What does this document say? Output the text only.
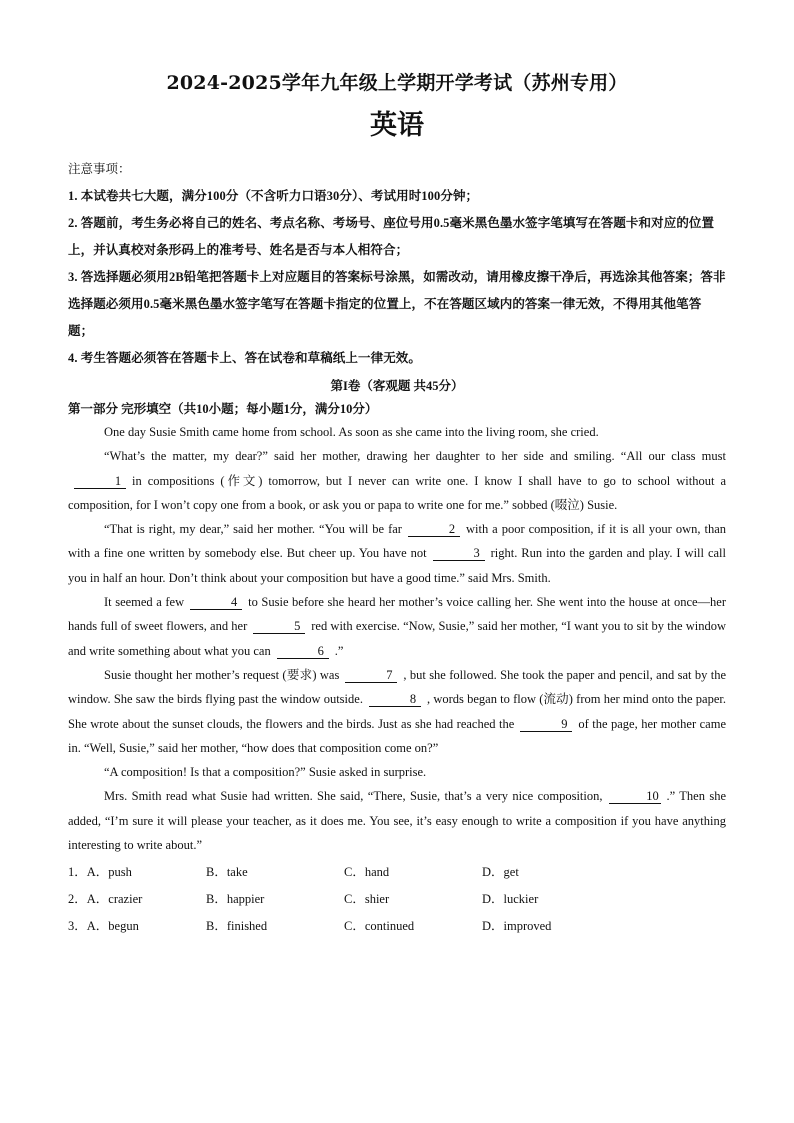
2024-2025学年九年级上学期开学考试（苏州专用）
英语
注意事项：
1. 本试卷共七大题，满分100分（不含听力口语30分）、考试用时100分钟；
2. 答题前，考生务必将自己的姓名、考点名称、考场号、座位号用0.5毫米黑色墨水签字笔填写在答题卡和对应的位置上，并认真校对条形码上的准考号、姓名是否与本人相符合；
3. 答选择题必须用2B铅笔把答题卡上对应题目的答案标号涂黑，如需改动，请用橡皮擦干净后，再选涂其他答案；答非选择题必须用0.5毫米黑色墨水签字笔写在答题卡指定的位置上，不在答题区域内的答案一律无效，不得用其他笔答题；
4. 考生答题必须答在答题卡上、答在试卷和草稿纸上一律无效。
第I卷（客观题 共45分）
第一部分 完形填空（共10小题；每小题1分，满分10分）

One day Susie Smith came home from school. As soon as she came into the living room, she cried.

“What’s the matter, my dear?” said her mother, drawing her daughter to her side and smiling. “All our class must1 in compositions (作文) tomorrow, but I never can write one. I know I shall have to go to school without a composition, for I won’t copy one from a book, or ask you or papa to write one for me.” sobbed (啜泣) Susie.

“That is right, my dear,” said her mother. “You will be far	2 with a poor composition, if it is all your own, than with a fine one written by somebody else. But cheer up. You have not	3 right. Run into the garden and play. I will call you in half an hour. Don’t think about your composition but have a good time.” said Mrs. Smith.

It seemed a few	4 to Susie before she heard her mother’s voice calling her. She went into the house at once—her hands full of sweet flowers, and her	5 red with exercise. “Now, Susie,” said her mother, “I want you to sit by the window and write something about what you can	6 .”

Susie thought her mother’s request (要求) was	7 , but she followed. She took the paper and pencil, and sat by the window. She saw the birds flying past the window outside.	8 , words began to flow (流动) from her mind onto the paper. She wrote about the sunset clouds, the flowers and the birds. Just as she had reached the	9 of the page, her mother came in. “Well, Susie,” said her mother, “how does that composition come on?”

“A composition! Is that a composition?” Susie asked in surprise.

Mrs. Smith read what Susie had written. She said, “There, Susie, that’s a very nice composition,	10 .” Then she added, “I’m sure it will please your teacher, as it does me. You see, it’s easy enough to write a composition if you have anything interesting to write about.”

1．A．push	B．take	C．hand	D．get
2．A．crazier	B．happier	C．shier	D．luckier
3．A．begun	B．finished	C．continued	D．improved
